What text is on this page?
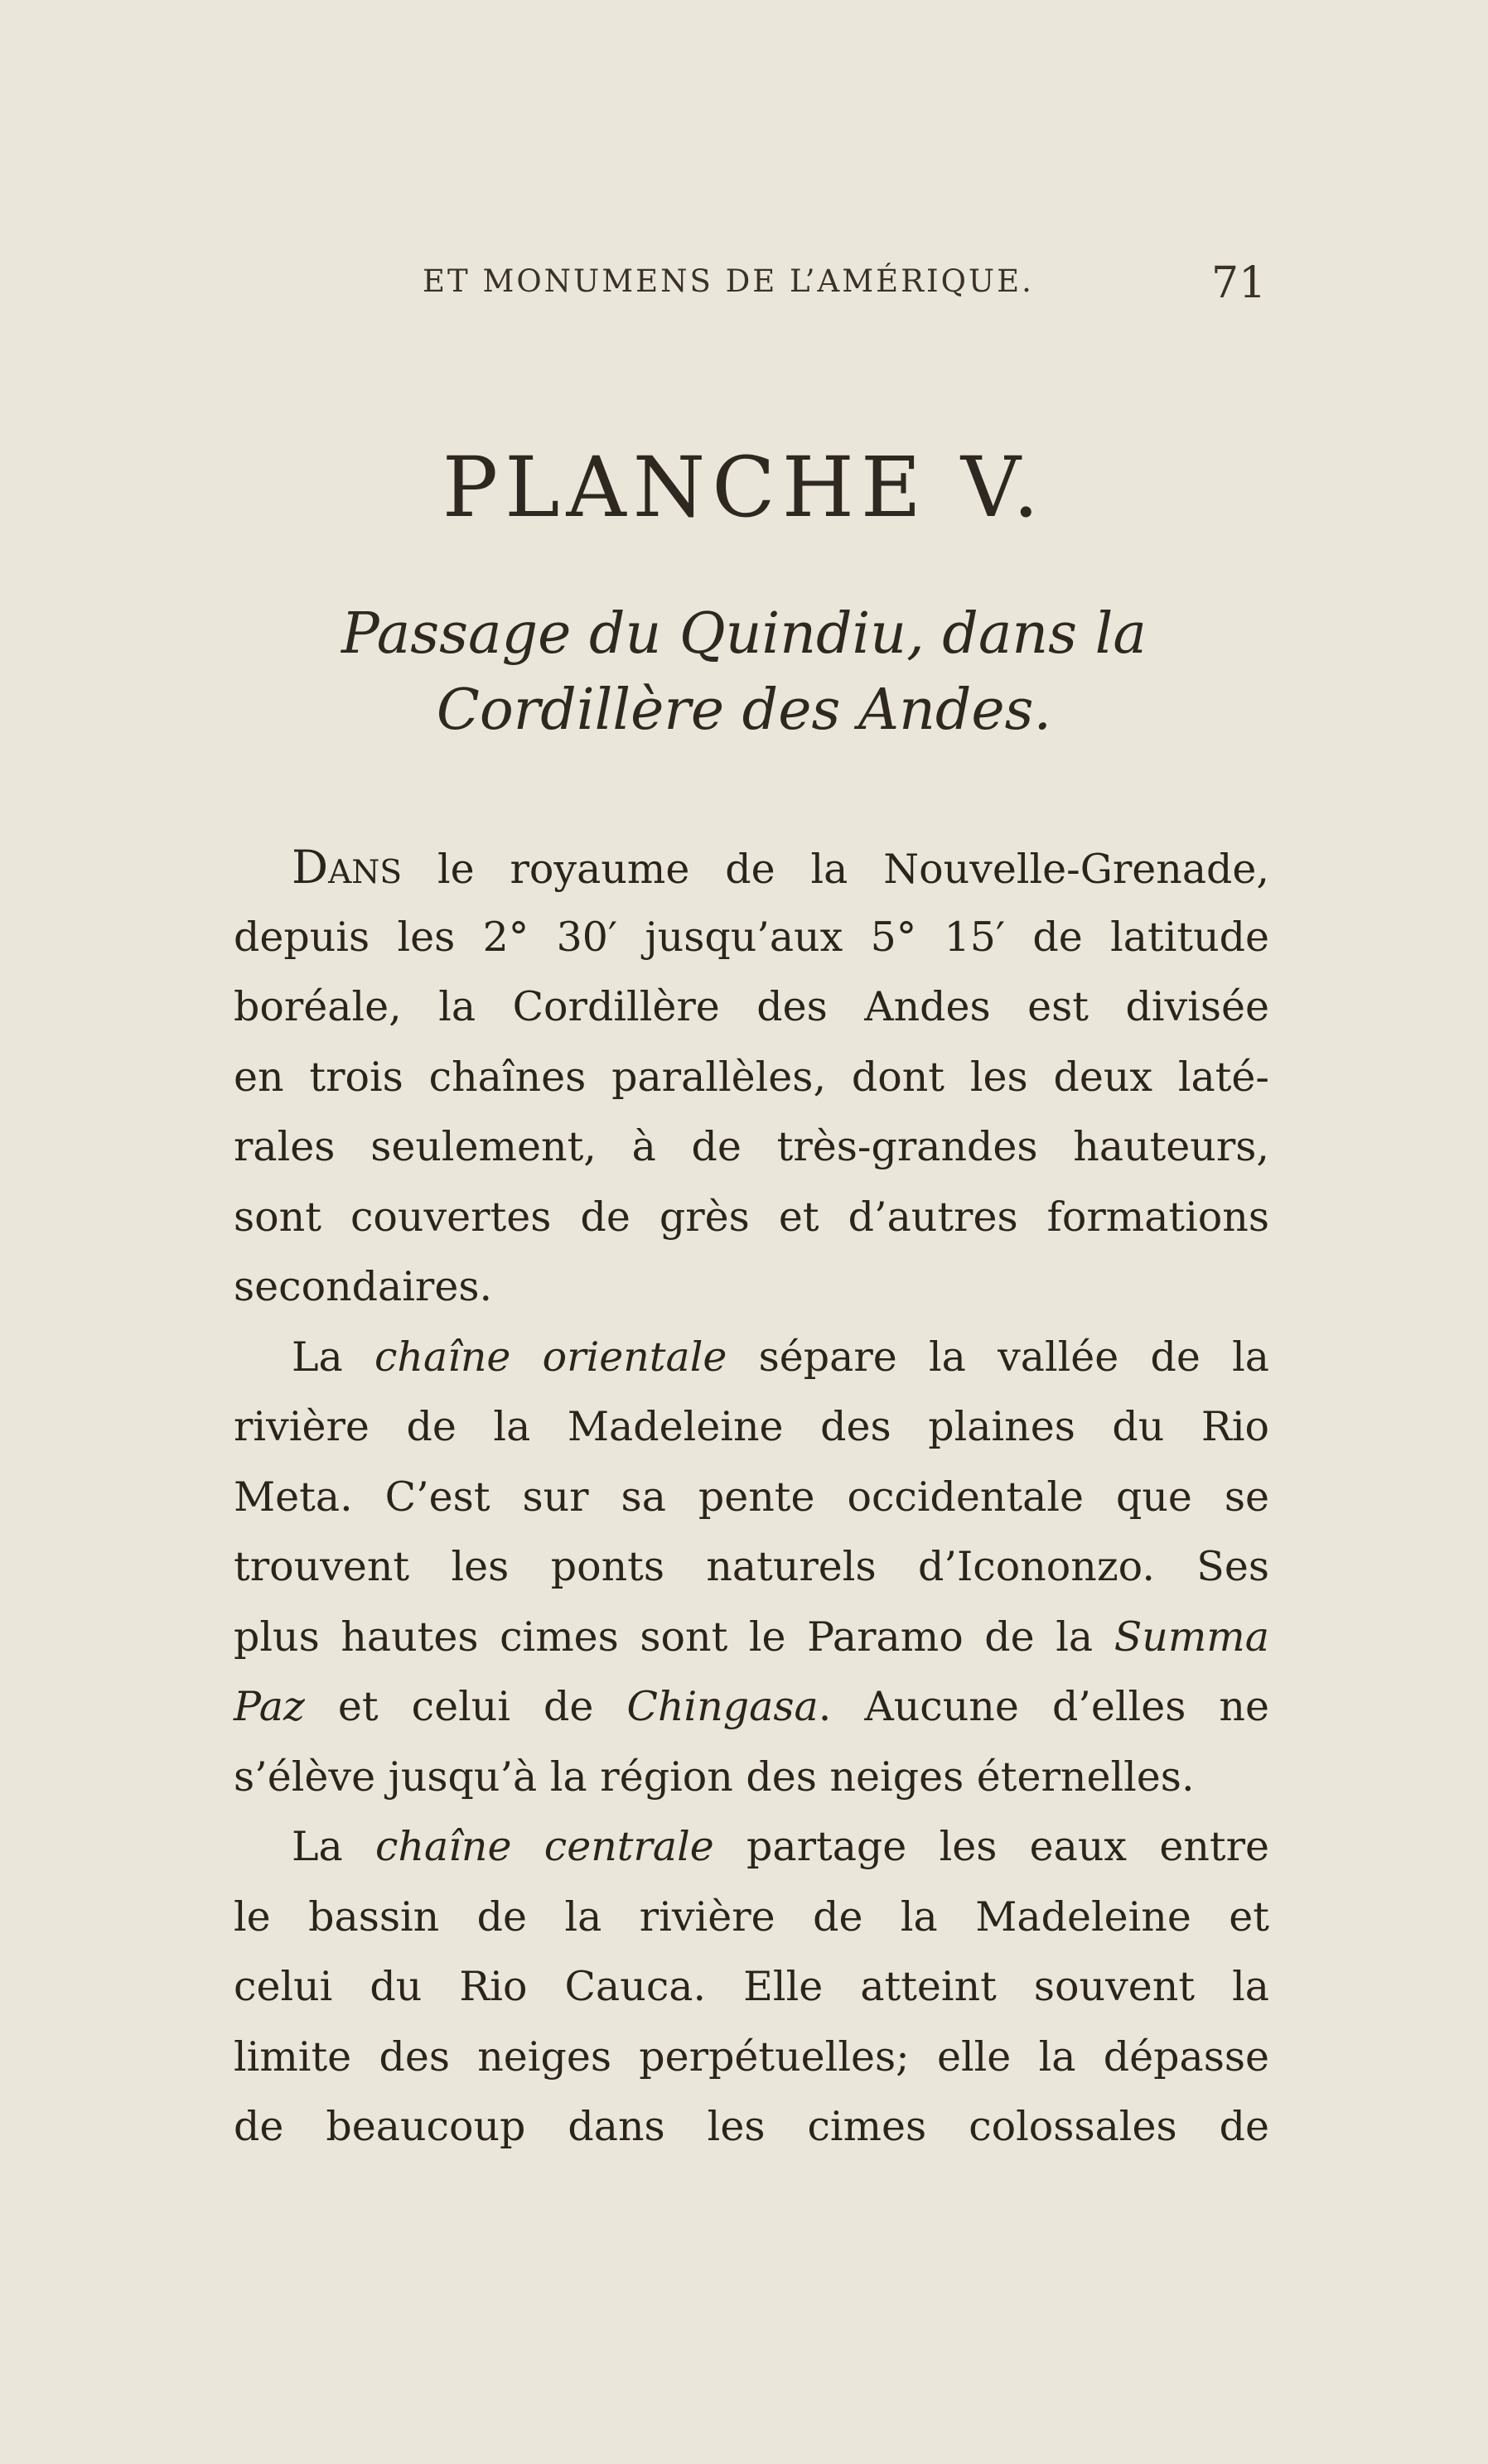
ET MONUMENS DE L’AMÉRIQUE.	71
PLANCHE V.
Passage du Quindiu, dans la
Cordillère des Andes.
Dans le royaume de la Nouvelle-Grenade,
depuis les 2° 30′ jusqu’aux 5° 15′ de latitude
boréale, la Cordillère des Andes est divisée
en trois chaînes parallèles, dont les deux laté-
rales seulement, à de très-grandes hauteurs,
sont couvertes de grès et d’autres formations
secondaires.
La chaîne orientale sépare la vallée de la
rivière de la Madeleine des plaines du Rio
Meta. C’est sur sa pente occidentale que se
trouvent les ponts naturels d’Icononzo. Ses
plus hautes cimes sont le Paramo de la Summa
Paz et celui de Chingasa. Aucune d’elles ne
s’élève jusqu’à la région des neiges éternelles.
La chaîne centrale partage les eaux entre
le bassin de la rivière de la Madeleine et
celui du Rio Cauca. Elle atteint souvent la
limite des neiges perpétuelles; elle la dépasse
de beaucoup dans les cimes colossales de
